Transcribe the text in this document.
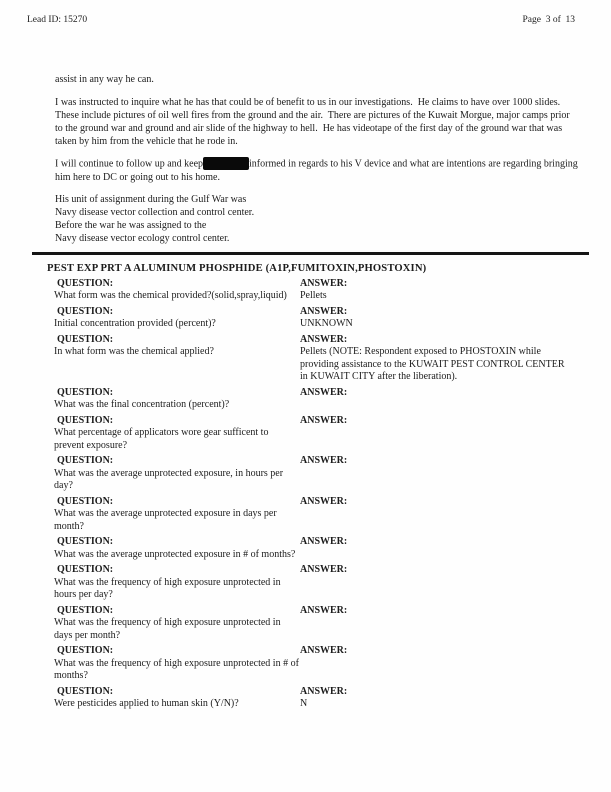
Lead ID: 15270	Page  3 of  13

assist in any way he can.

I was instructed to inquire what he has that could be of benefit to us in our investigations.  He claims to have over 1000 slides.  These include pictures of oil well fires from the ground and the air.  There are pictures of the Kuwait Morgue, major camps prior to the ground war and ground and air slide of the highway to hell.  He has videotape of the first day of the ground war that was taken by him from the vehicle that he rode in.

I will continue to follow up and keep	informed in regards to his V device and what are intentions are regarding bringing him here to DC or going out to his home.

His unit of assignment during the Gulf War was
Navy disease vector collection and control center.
Before the war he was assigned to the
Navy disease vector ecology control center.
PEST EXP PRT A ALUMINUM PHOSPHIDE (A1P,FUMITOXIN,PHOSTOXIN)
QUESTION:	ANSWER:
What form was the chemical provided?(solid,spray,liquid)	Pellets
QUESTION:	ANSWER:
Initial concentration provided (percent)?	UNKNOWN
QUESTION:	ANSWER:
In what form was the chemical applied?	Pellets (NOTE: Respondent exposed to PHOSTOXIN while providing assistance to the KUWAIT PEST CONTROL CENTER in KUWAIT CITY after the liberation).
QUESTION:	ANSWER:
What was the final concentration (percent)?
QUESTION:	ANSWER:
What percentage of applicators wore gear sufficent to prevent exposure?
QUESTION:	ANSWER:
What was the average unprotected exposure, in hours per day?
QUESTION:	ANSWER:
What was the average unprotected exposure in days per month?
QUESTION:	ANSWER:
What was the average unprotected exposure in # of months?
QUESTION:	ANSWER:
What was the frequency of high exposure unprotected in hours per day?
QUESTION:	ANSWER:
What was the frequency of high exposure unprotected in days per month?
QUESTION:	ANSWER:
What was the frequency of high exposure unprotected in # of months?
QUESTION:	ANSWER:
Were pesticides applied to human skin (Y/N)?	N
